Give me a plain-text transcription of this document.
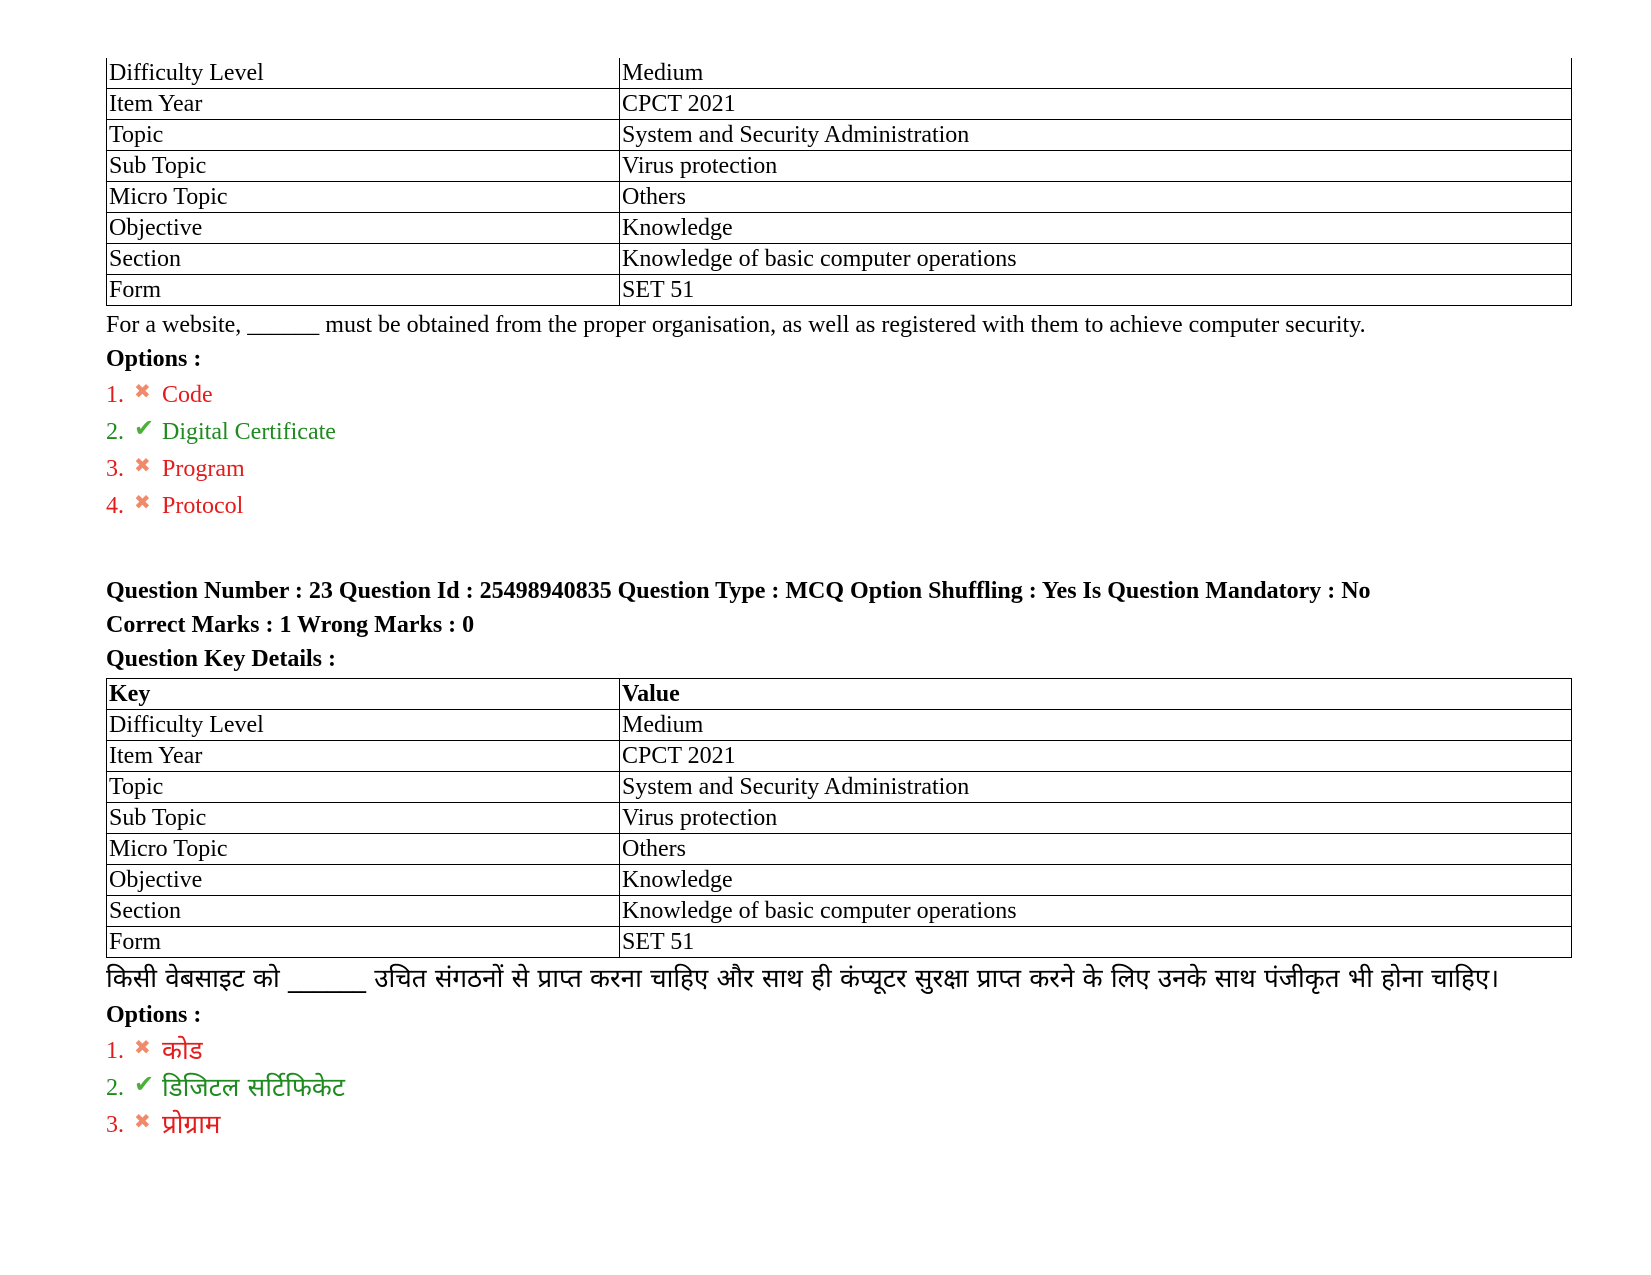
Difficulty Level	Medium
Item Year	CPCT 2021
Topic	System and Security Administration
Sub Topic	Virus protection
Micro Topic	Others
Objective	Knowledge
Section	Knowledge of basic computer operations
Form	SET 51
For a website, ______ must be obtained from the proper organisation, as well as registered with them to achieve computer security.
Options :
1. ✖ Code
2. ✔ Digital Certificate
3. ✖ Program
4. ✖ Protocol
Question Number : 23 Question Id : 25498940835 Question Type : MCQ Option Shuffling : Yes Is Question Mandatory : No
Correct Marks : 1 Wrong Marks : 0
Question Key Details :
Key	Value
Difficulty Level	Medium
Item Year	CPCT 2021
Topic	System and Security Administration
Sub Topic	Virus protection
Micro Topic	Others
Objective	Knowledge
Section	Knowledge of basic computer operations
Form	SET 51
किसी वेबसाइट को ______ उचित संगठनों से प्राप्त करना चाहिए और साथ ही कंप्यूटर सुरक्षा प्राप्त करने के लिए उनके साथ पंजीकृत भी होना चाहिए।
Options :
1. ✖ कोड
2. ✔ डिजिटल सर्टिफिकेट
3. ✖ प्रोग्राम
